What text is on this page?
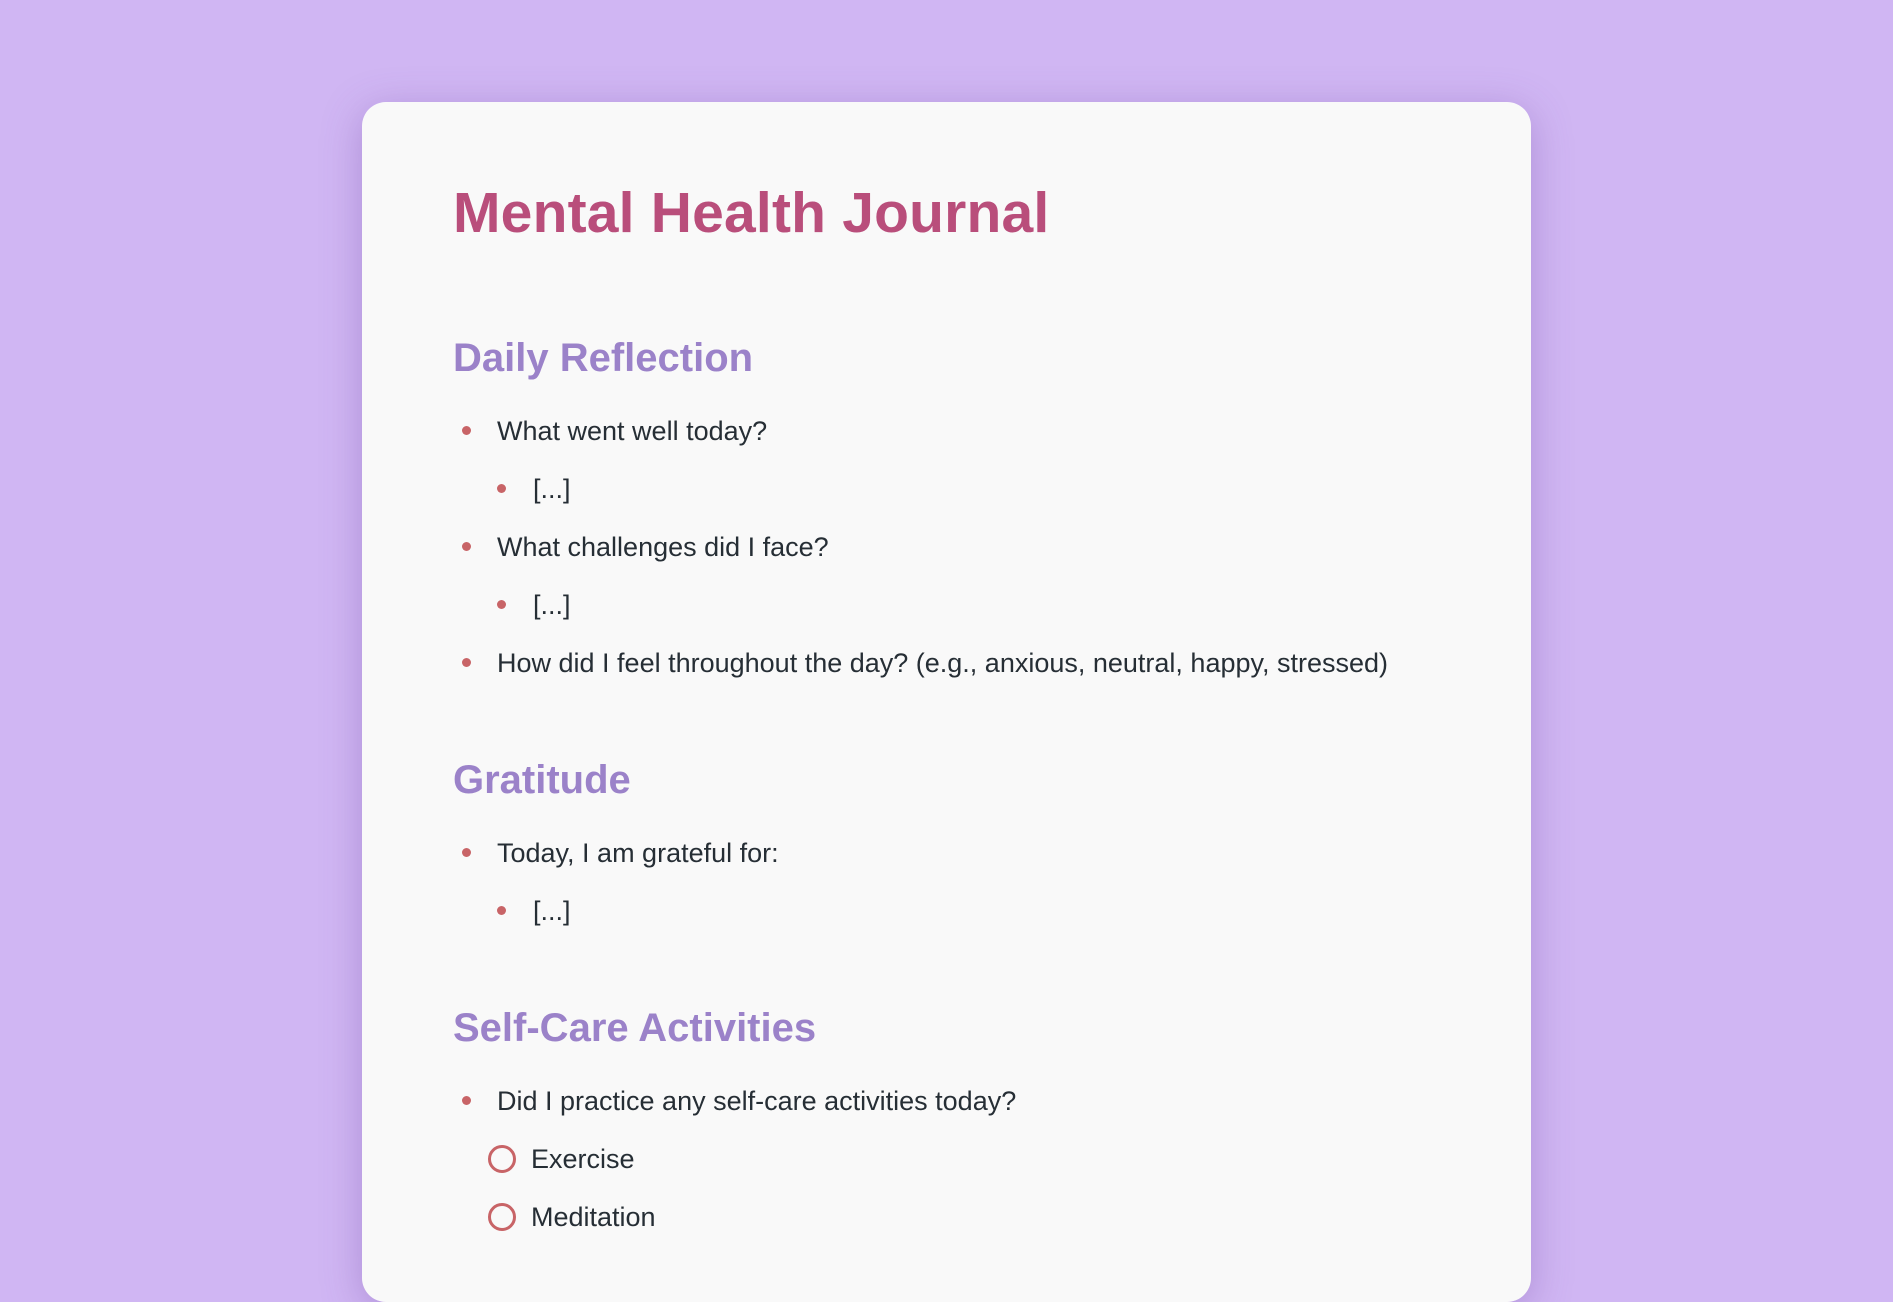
Mental Health Journal
Daily Reflection
What went well today?
[...]
What challenges did I face?
[...]
How did I feel throughout the day? (e.g., anxious, neutral, happy, stressed)
Gratitude
Today, I am grateful for:
[...]
Self-Care Activities
Did I practice any self-care activities today?
Exercise
Meditation
